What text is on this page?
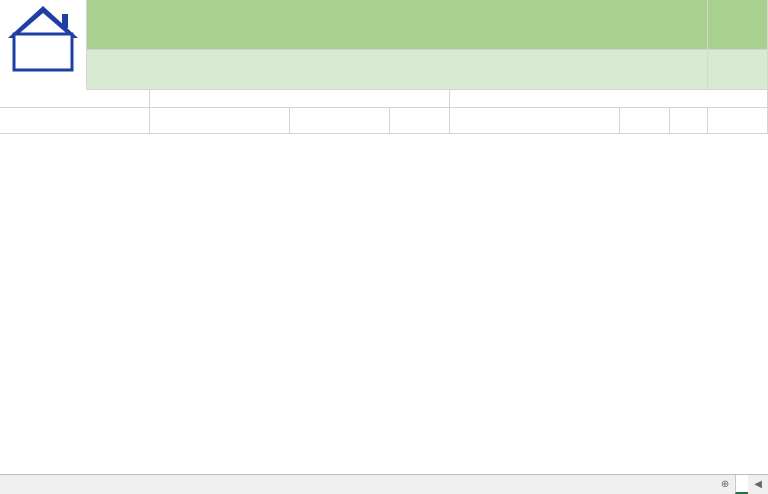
◀
⊕
